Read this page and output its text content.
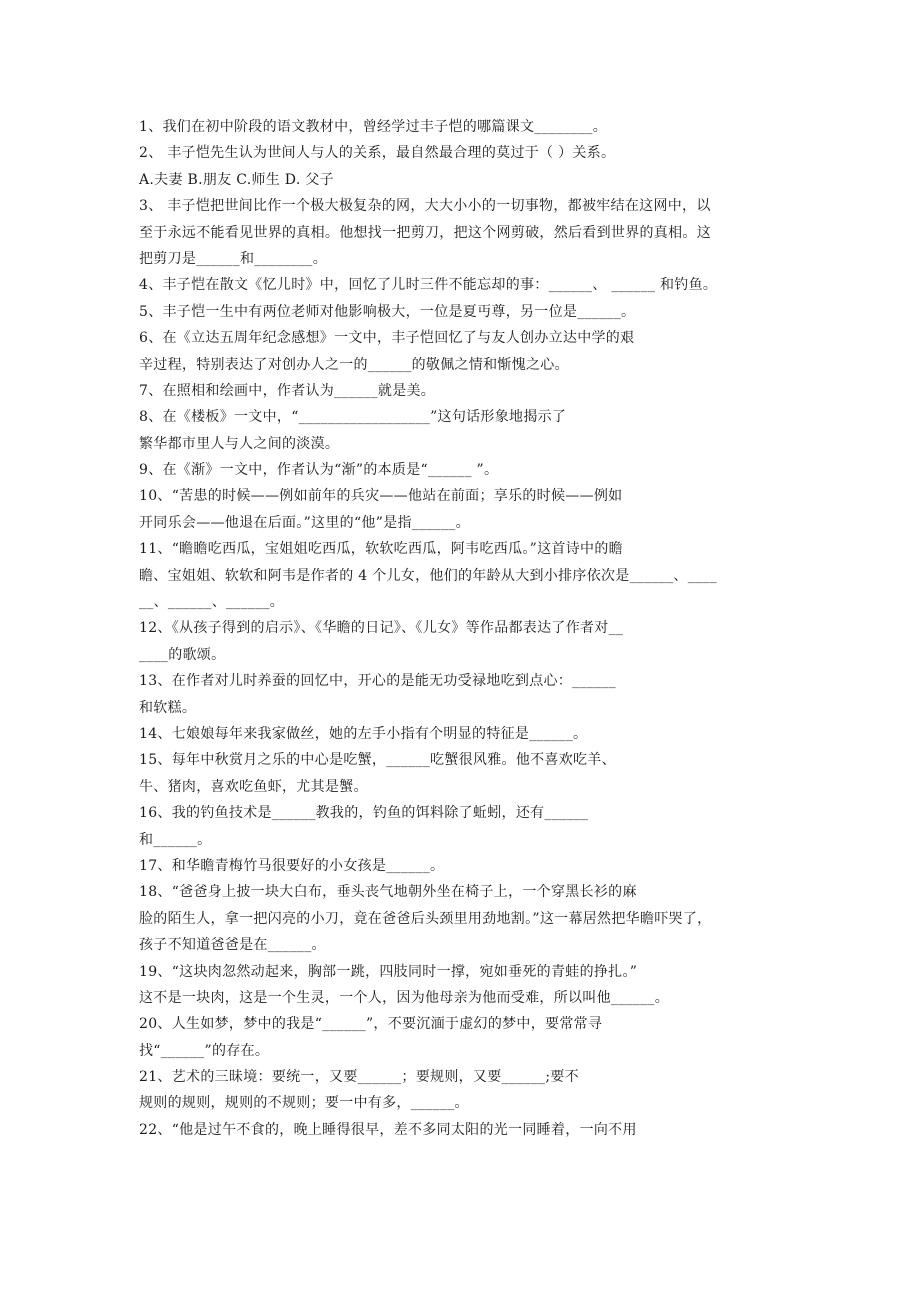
1、我们在初中阶段的语文教材中，曾经学过丰子恺的哪篇课文________。
2、 丰子恺先生认为世间人与人的关系，最自然最合理的莫过于（ ）关系。
A.夫妻 B.朋友 C.师生 D. 父子
3、 丰子恺把世间比作一个极大极复杂的网，大大小小的一切事物，都被牢结在这网中，以
至于永远不能看见世界的真相。他想找一把剪刀，把这个网剪破，然后看到世界的真相。这
把剪刀是______和________。
4、丰子恺在散文《忆儿时》中，回忆了儿时三件不能忘却的事：______、 ______ 和钓鱼。
5、丰子恺一生中有两位老师对他影响极大，一位是夏丏尊，另一位是______。
6、在《立达五周年纪念感想》一文中，丰子恺回忆了与友人创办立达中学的艰
辛过程，特别表达了对创办人之一的______的敬佩之情和惭愧之心。
7、在照相和绘画中，作者认为______就是美。
8、在《楼板》一文中，“__________________”这句话形象地揭示了
繁华都市里人与人之间的淡漠。
9、在《渐》一文中，作者认为“渐”的本质是“______ ”。
10、“苦患的时候——例如前年的兵灾——他站在前面；享乐的时候——例如
开同乐会——他退在后面。”这里的“他”是指______。
11、“瞻瞻吃西瓜，宝姐姐吃西瓜，软软吃西瓜，阿韦吃西瓜。”这首诗中的瞻
瞻、宝姐姐、软软和阿韦是作者的 4 个儿女，他们的年龄从大到小排序依次是______、____
__、______、______。
12、《从孩子得到的启示》、《华瞻的日记》、《儿女》等作品都表达了作者对__
____的歌颂。
13、在作者对儿时养蚕的回忆中，开心的是能无功受禄地吃到点心：______
和软糕。
14、七娘娘每年来我家做丝，她的左手小指有个明显的特征是______。
15、每年中秋赏月之乐的中心是吃蟹，______吃蟹很风雅。他不喜欢吃羊、
牛、猪肉，喜欢吃鱼虾，尤其是蟹。
16、我的钓鱼技术是______教我的，钓鱼的饵料除了蚯蚓，还有______
和______。
17、和华瞻青梅竹马很要好的小女孩是______。
18、“爸爸身上披一块大白布，垂头丧气地朝外坐在椅子上，一个穿黑长衫的麻
脸的陌生人，拿一把闪亮的小刀，竟在爸爸后头颈里用劲地割。”这一幕居然把华瞻吓哭了，
孩子不知道爸爸是在______。
19、“这块肉忽然动起来，胸部一跳，四肢同时一撑，宛如垂死的青蛙的挣扎。”
这不是一块肉，这是一个生灵，一个人，因为他母亲为他而受难，所以叫他______。
20、人生如梦，梦中的我是“______”，不要沉湎于虚幻的梦中，要常常寻
找“______”的存在。
21、艺术的三昧境：要统一，又要______；要规则，又要______;要不
规则的规则，规则的不规则；要一中有多，______。
22、“他是过午不食的，晚上睡得很早，差不多同太阳的光一同睡着，一向不用
